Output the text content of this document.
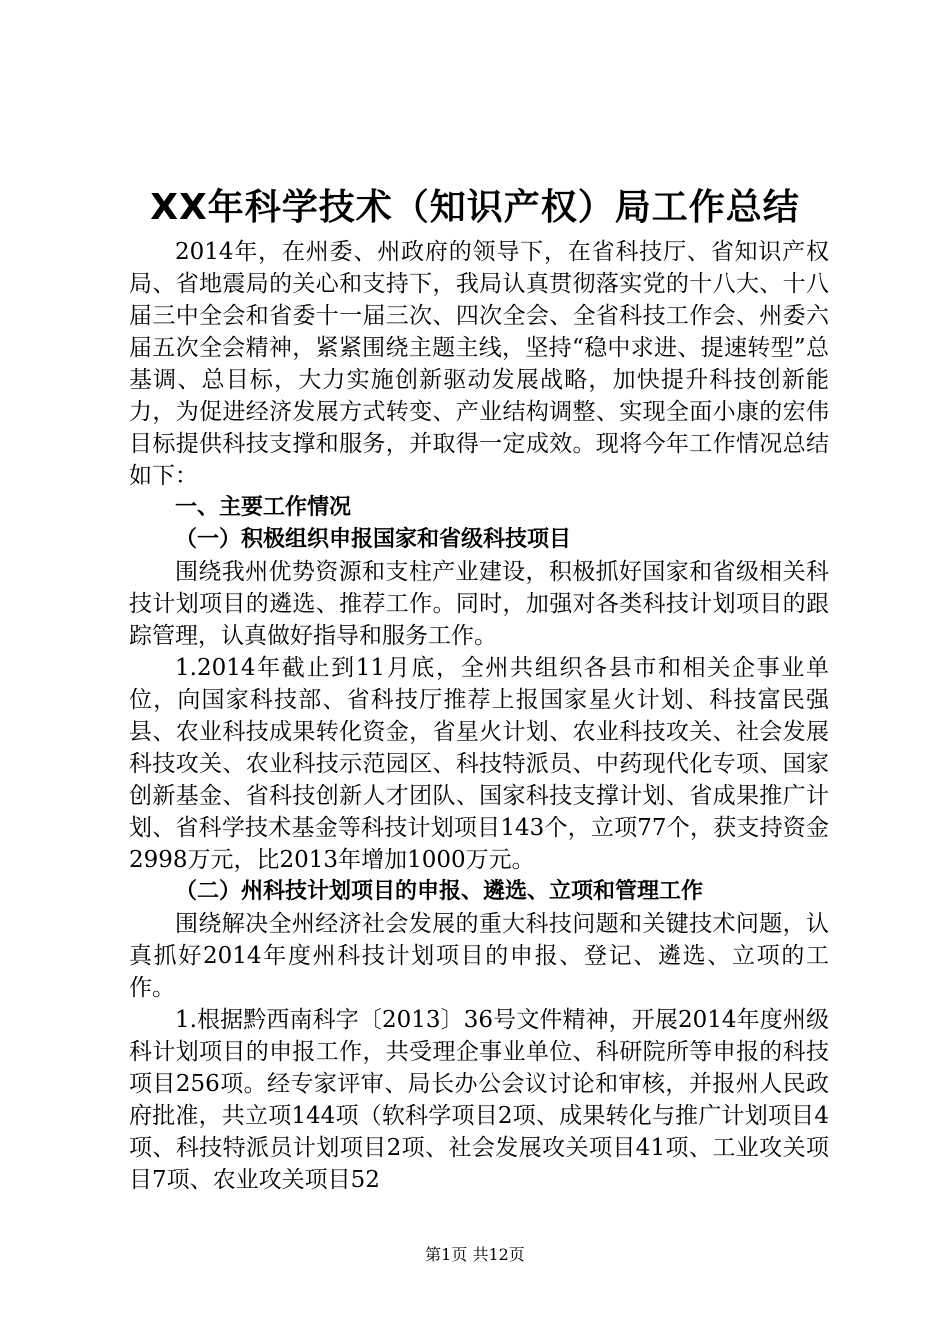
XX年科学技术（知识产权）局工作总结

2014年，在州委、州政府的领导下，在省科技厅、省知识产权局、省地震局的关心和支持下，我局认真贯彻落实党的十八大、十八届三中全会和省委十一届三次、四次全会、全省科技工作会、州委六届五次全会精神，紧紧围绕主题主线，坚持“稳中求进、提速转型”总基调、总目标，大力实施创新驱动发展战略，加快提升科技创新能力，为促进经济发展方式转变、产业结构调整、实现全面小康的宏伟目标提供科技支撑和服务，并取得一定成效。现将今年工作情况总结如下：

一、主要工作情况

（一）积极组织申报国家和省级科技项目

围绕我州优势资源和支柱产业建设，积极抓好国家和省级相关科技计划项目的遴选、推荐工作。同时，加强对各类科技计划项目的跟踪管理，认真做好指导和服务工作。

1.2014年截止到11月底，全州共组织各县市和相关企事业单位，向国家科技部、省科技厅推荐上报国家星火计划、科技富民强县、农业科技成果转化资金，省星火计划、农业科技攻关、社会发展科技攻关、农业科技示范园区、科技特派员、中药现代化专项、国家创新基金、省科技创新人才团队、国家科技支撑计划、省成果推广计划、省科学技术基金等科技计划项目143个，立项77个，获支持资金2998万元，比2013年增加1000万元。

（二）州科技计划项目的申报、遴选、立项和管理工作

围绕解决全州经济社会发展的重大科技问题和关键技术问题，认真抓好2014年度州科技计划项目的申报、登记、遴选、立项的工作。

1.根据黔西南科字〔2013〕36号文件精神，开展2014年度州级科计划项目的申报工作，共受理企事业单位、科研院所等申报的科技项目256项。经专家评审、局长办公会议讨论和审核，并报州人民政府批准，共立项144项（软科学项目2项、成果转化与推广计划项目4项、科技特派员计划项目2项、社会发展攻关项目41项、工业攻关项目7项、农业攻关项目52

第1页 共12页
